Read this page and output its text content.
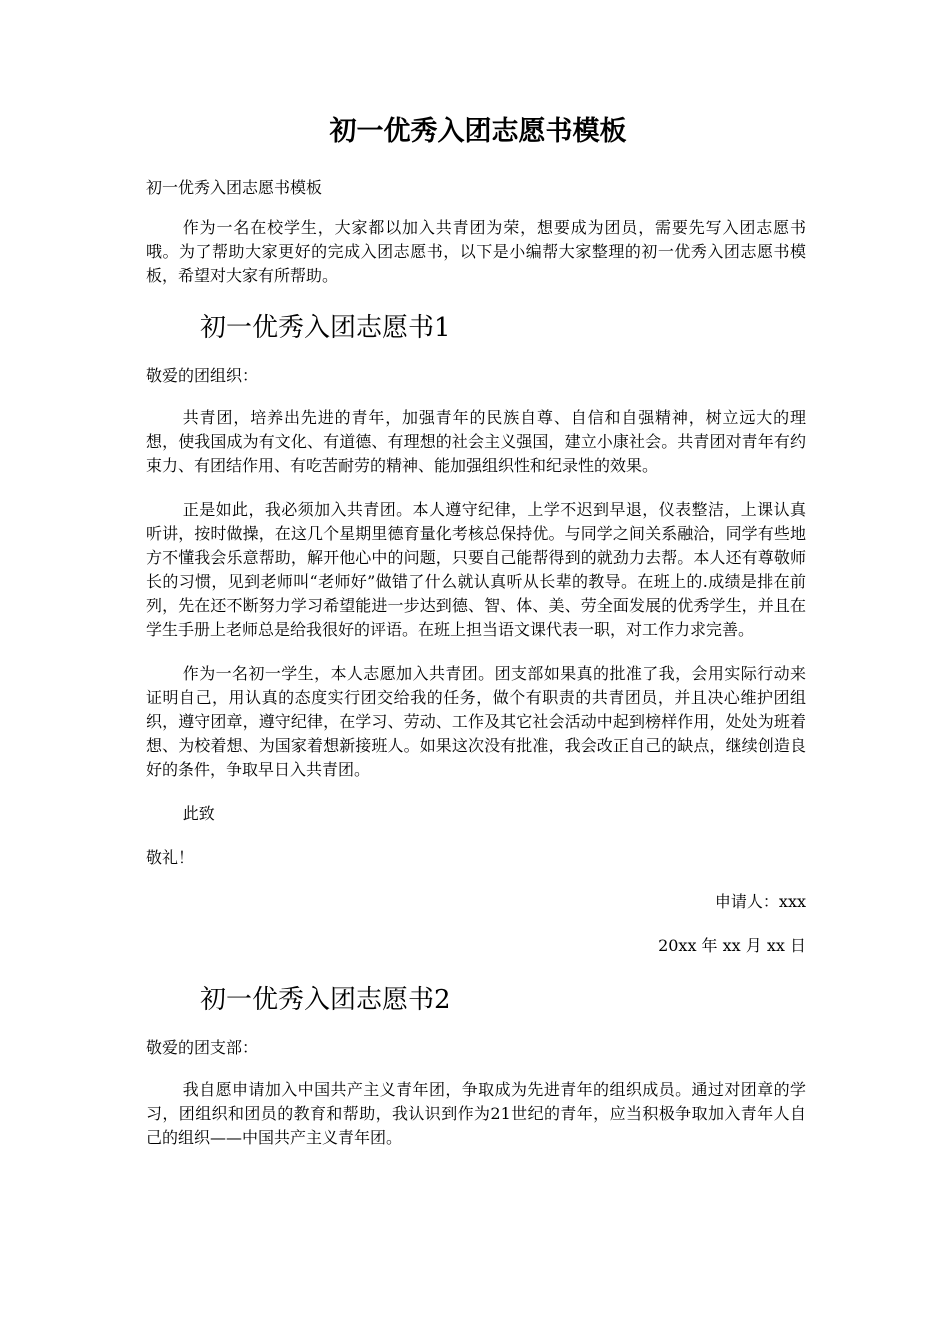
初一优秀入团志愿书模板

初一优秀入团志愿书模板

作为一名在校学生，大家都以加入共青团为荣，想要成为团员，需要先写入团志愿书哦。为了帮助大家更好的完成入团志愿书，以下是小编帮大家整理的初一优秀入团志愿书模板，希望对大家有所帮助。

初一优秀入团志愿书1

敬爱的团组织：

共青团，培养出先进的青年，加强青年的民族自尊、自信和自强精神，树立远大的理想，使我国成为有文化、有道德、有理想的社会主义强国，建立小康社会。共青团对青年有约束力、有团结作用、有吃苦耐劳的精神、能加强组织性和纪录性的效果。

正是如此，我必须加入共青团。本人遵守纪律，上学不迟到早退，仪表整洁，上课认真听讲，按时做操，在这几个星期里德育量化考核总保持优。与同学之间关系融洽，同学有些地方不懂我会乐意帮助，解开他心中的问题，只要自己能帮得到的就劲力去帮。本人还有尊敬师长的习惯，见到老师叫“老师好”做错了什么就认真听从长辈的教导。在班上的.成绩是排在前列，先在还不断努力学习希望能进一步达到德、智、体、美、劳全面发展的优秀学生，并且在学生手册上老师总是给我很好的评语。在班上担当语文课代表一职，对工作力求完善。

作为一名初一学生，本人志愿加入共青团。团支部如果真的批准了我，会用实际行动来证明自己，用认真的态度实行团交给我的任务，做个有职责的共青团员，并且决心维护团组织，遵守团章，遵守纪律，在学习、劳动、工作及其它社会活动中起到榜样作用，处处为班着想、为校着想、为国家着想新接班人。如果这次没有批准，我会改正自己的缺点，继续创造良好的条件，争取早日入共青团。

此致

敬礼！

申请人：xxx

20xx 年 xx 月 xx 日

初一优秀入团志愿书2

敬爱的团支部：

我自愿申请加入中国共产主义青年团，争取成为先进青年的组织成员。通过对团章的学习，团组织和团员的教育和帮助，我认识到作为21世纪的青年，应当积极争取加入青年人自己的组织——中国共产主义青年团。
